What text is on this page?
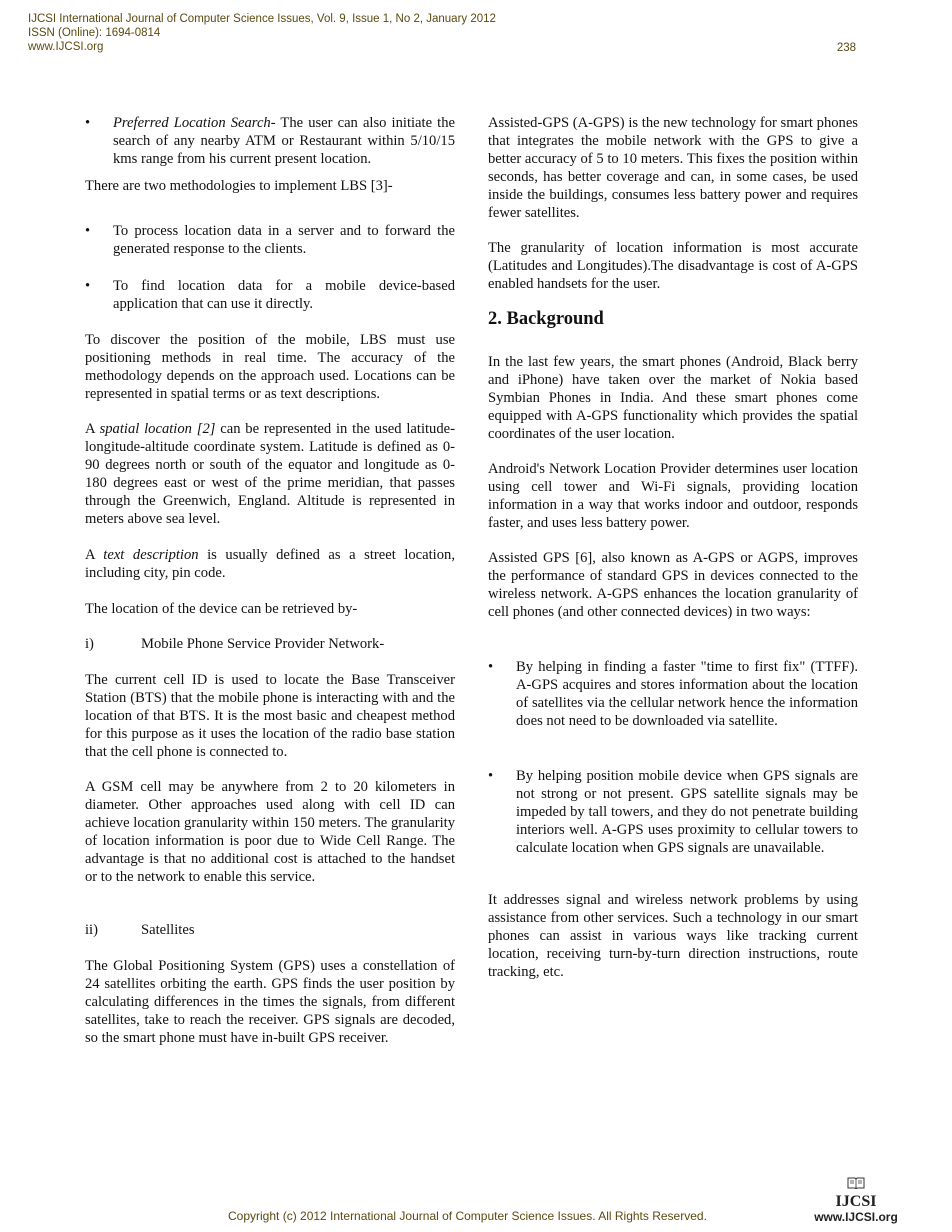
IJCSI International Journal of Computer Science Issues, Vol. 9, Issue 1, No 2, January 2012
ISSN (Online): 1694-0814
www.IJCSI.org	238

• Preferred Location Search- The user can also initiate the search of any nearby ATM or Restaurant within 5/10/15 kms range from his current present location.

There are two methodologies to implement LBS [3]-

• To process location data in a server and to forward the generated response to the clients.

• To find location data for a mobile device-based application that can use it directly.

To discover the position of the mobile, LBS must use positioning methods in real time. The accuracy of the methodology depends on the approach used. Locations can be represented in spatial terms or as text descriptions.

A spatial location [2] can be represented in the used latitude-longitude-altitude coordinate system. Latitude is defined as 0-90 degrees north or south of the equator and longitude as 0-180 degrees east or west of the prime meridian, that passes through the Greenwich, England. Altitude is represented in meters above sea level.

A text description is usually defined as a street location, including city, pin code.

The location of the device can be retrieved by-

i)	Mobile Phone Service Provider Network-

The current cell ID is used to locate the Base Transceiver Station (BTS) that the mobile phone is interacting with and the location of that BTS. It is the most basic and cheapest method for this purpose as it uses the location of the radio base station that the cell phone is connected to.

A GSM cell may be anywhere from 2 to 20 kilometers in diameter. Other approaches used along with cell ID can achieve location granularity within 150 meters. The granularity of location information is poor due to Wide Cell Range. The advantage is that no additional cost is attached to the handset or to the network to enable this service.

ii)	Satellites

The Global Positioning System (GPS) uses a constellation of 24 satellites orbiting the earth. GPS finds the user position by calculating differences in the times the signals, from different satellites, take to reach the receiver. GPS signals are decoded, so the smart phone must have in-built GPS receiver.

Assisted-GPS (A-GPS) is the new technology for smart phones that integrates the mobile network with the GPS to give a better accuracy of 5 to 10 meters. This fixes the position within seconds, has better coverage and can, in some cases, be used inside the buildings, consumes less battery power and requires fewer satellites.

The granularity of location information is most accurate (Latitudes and Longitudes).The disadvantage is cost of A-GPS enabled handsets for the user.

2. Background

In the last few years, the smart phones (Android, Black berry and iPhone) have taken over the market of Nokia based Symbian Phones in India. And these smart phones come equipped with A-GPS functionality which provides the spatial coordinates of the user location.

Android's Network Location Provider determines user location using cell tower and Wi-Fi signals, providing location information in a way that works indoor and outdoor, responds faster, and uses less battery power.

Assisted GPS [6], also known as A-GPS or AGPS, improves the performance of standard GPS in devices connected to the wireless network. A-GPS enhances the location granularity of cell phones (and other connected devices) in two ways:

• By helping in finding a faster "time to first fix" (TTFF). A-GPS acquires and stores information about the location of satellites via the cellular network hence the information does not need to be downloaded via satellite.

• By helping position mobile device when GPS signals are not strong or not present. GPS satellite signals may be impeded by tall towers, and they do not penetrate building interiors well. A-GPS uses proximity to cellular towers to calculate location when GPS signals are unavailable.

It addresses signal and wireless network problems by using assistance from other services. Such a technology in our smart phones can assist in various ways like tracking current location, receiving turn-by-turn direction instructions, route tracking, etc.

Copyright (c) 2012 International Journal of Computer Science Issues. All Rights Reserved.
IJCSI
www.IJCSI.org
